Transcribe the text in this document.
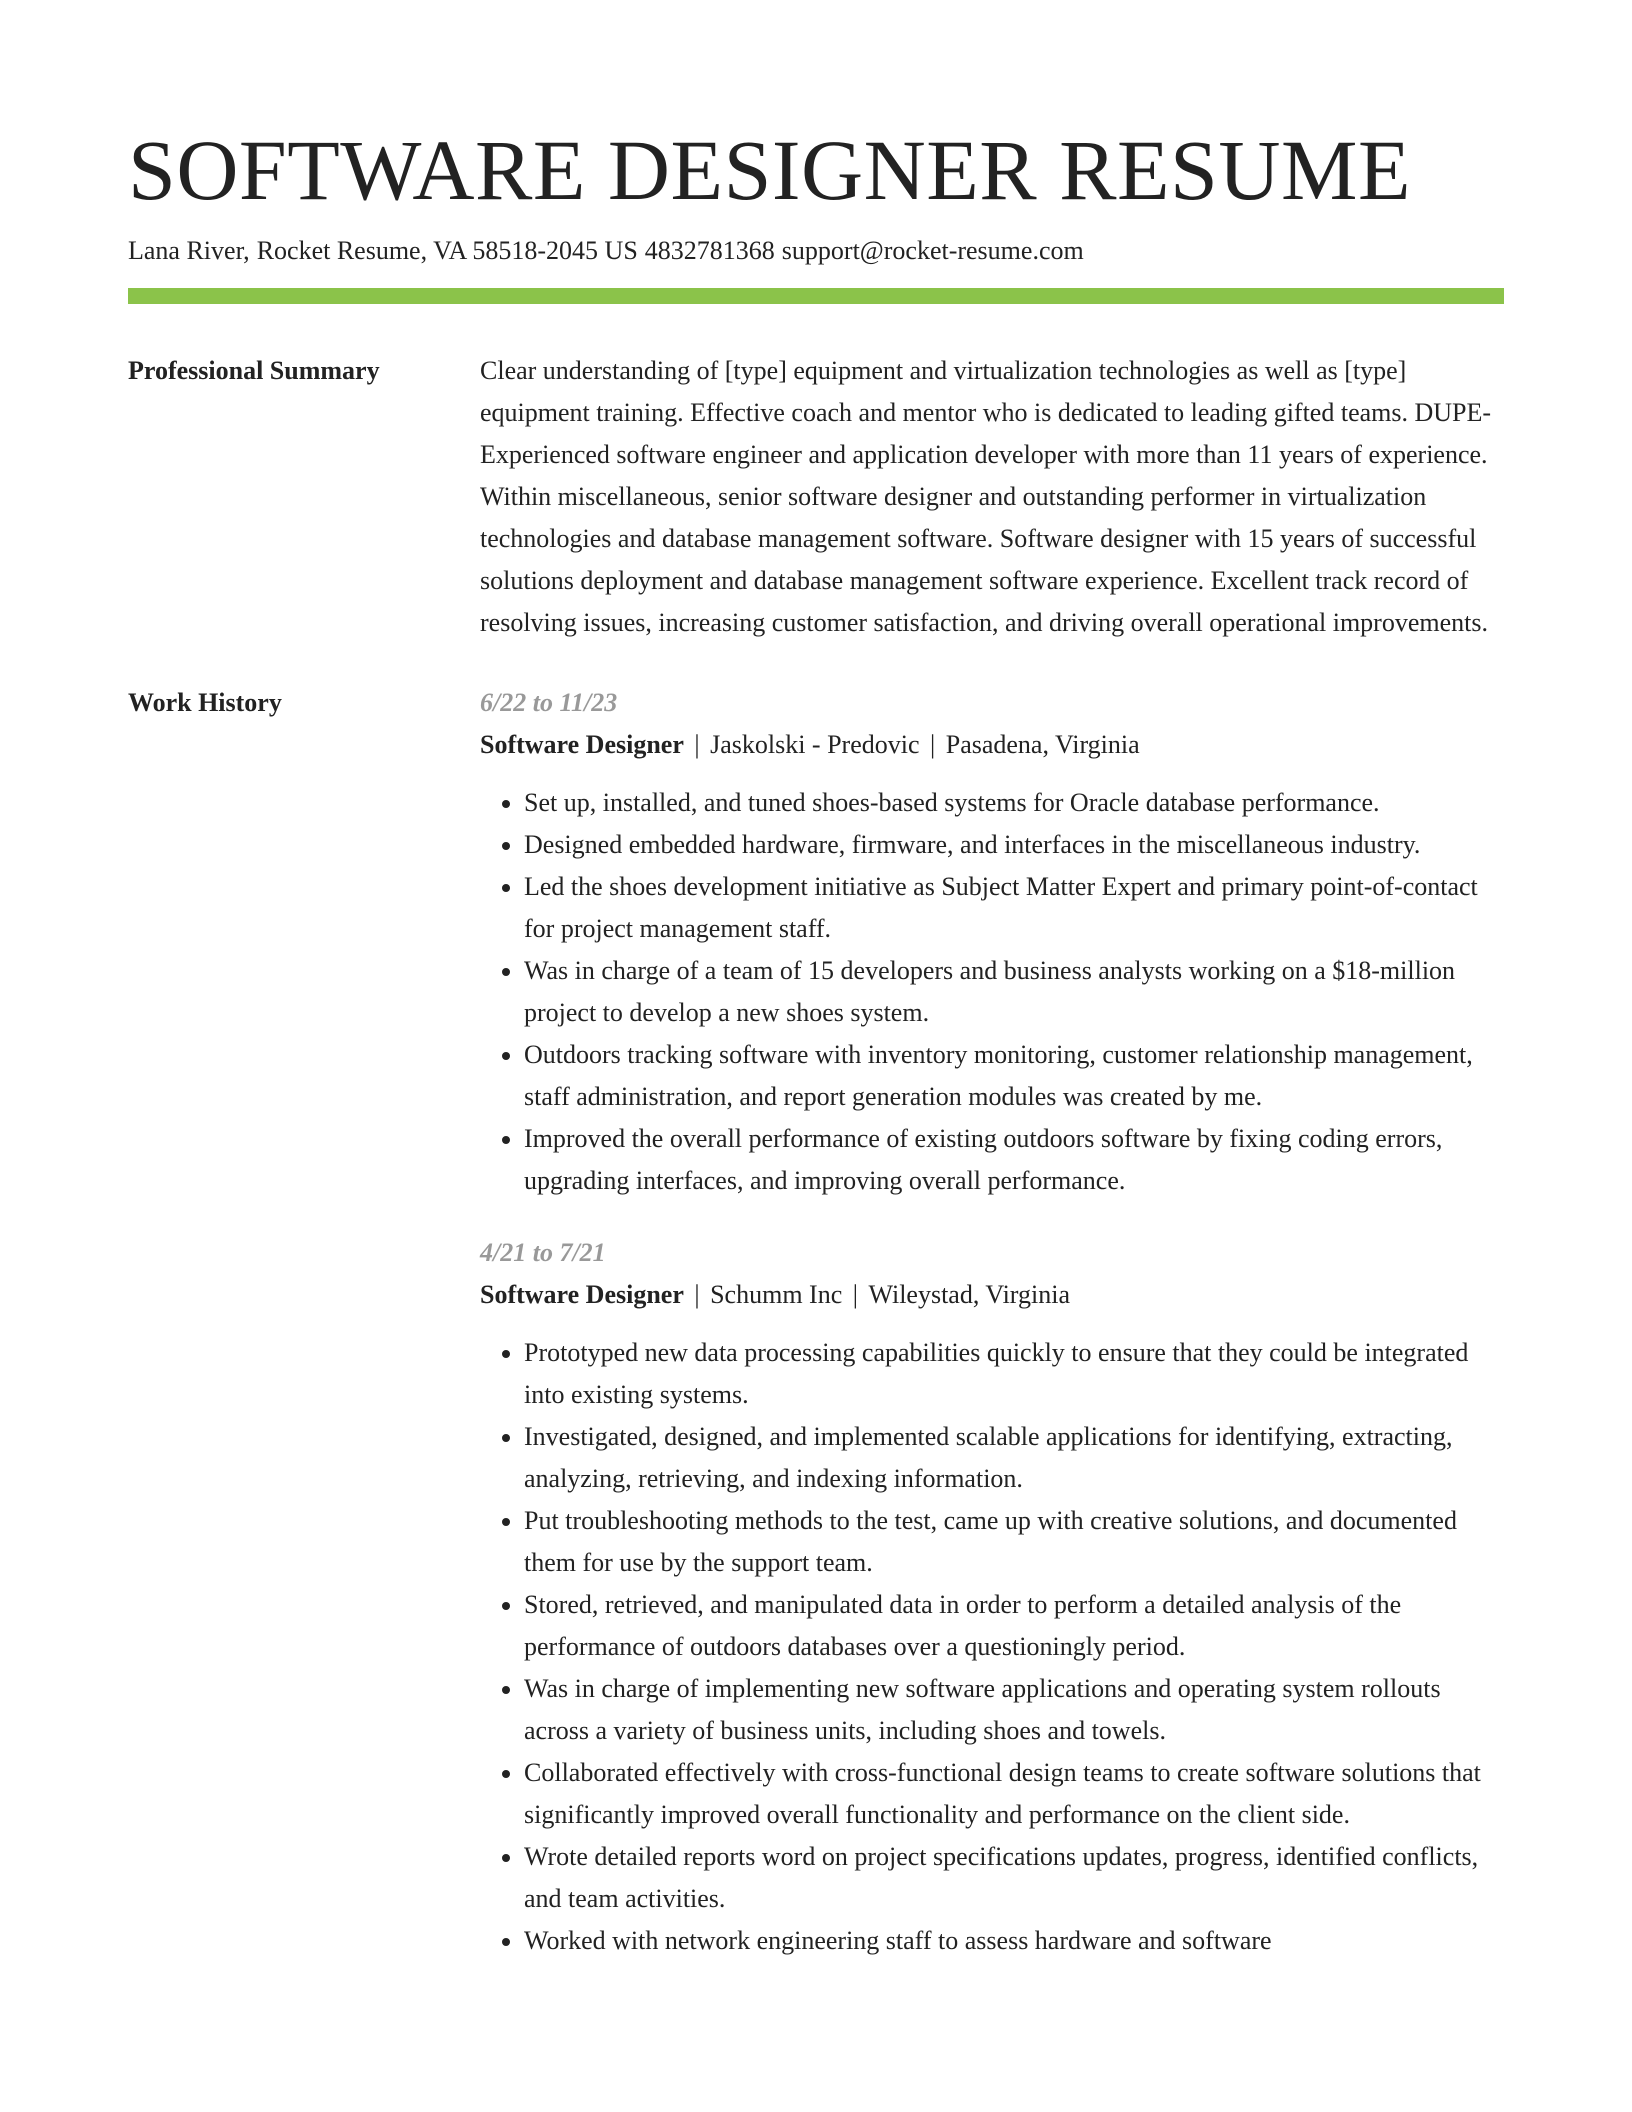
SOFTWARE DESIGNER RESUME
Lana River, Rocket Resume, VA 58518-2045 US 4832781368 support@rocket-resume.com
Professional Summary	Clear understanding of [type] equipment and virtualization technologies as well as [type] equipment training. Effective coach and mentor who is dedicated to leading gifted teams. DUPE- Experienced software engineer and application developer with more than 11 years of experience. Within miscellaneous, senior software designer and outstanding performer in virtualization technologies and database management software. Software designer with 15 years of successful solutions deployment and database management software experience. Excellent track record of resolving issues, increasing customer satisfaction, and driving overall operational improvements.
Work History	6/22 to 11/23
Software Designer | Jaskolski - Predovic | Pasadena, Virginia
• Set up, installed, and tuned shoes-based systems for Oracle database performance.
• Designed embedded hardware, firmware, and interfaces in the miscellaneous industry.
• Led the shoes development initiative as Subject Matter Expert and primary point-of-contact for project management staff.
• Was in charge of a team of 15 developers and business analysts working on a $18-million project to develop a new shoes system.
• Outdoors tracking software with inventory monitoring, customer relationship management, staff administration, and report generation modules was created by me.
• Improved the overall performance of existing outdoors software by fixing coding errors, upgrading interfaces, and improving overall performance.
4/21 to 7/21
Software Designer | Schumm Inc | Wileystad, Virginia
• Prototyped new data processing capabilities quickly to ensure that they could be integrated into existing systems.
• Investigated, designed, and implemented scalable applications for identifying, extracting, analyzing, retrieving, and indexing information.
• Put troubleshooting methods to the test, came up with creative solutions, and documented them for use by the support team.
• Stored, retrieved, and manipulated data in order to perform a detailed analysis of the performance of outdoors databases over a questioningly period.
• Was in charge of implementing new software applications and operating system rollouts across a variety of business units, including shoes and towels.
• Collaborated effectively with cross-functional design teams to create software solutions that significantly improved overall functionality and performance on the client side.
• Wrote detailed reports word on project specifications updates, progress, identified conflicts, and team activities.
• Worked with network engineering staff to assess hardware and software
